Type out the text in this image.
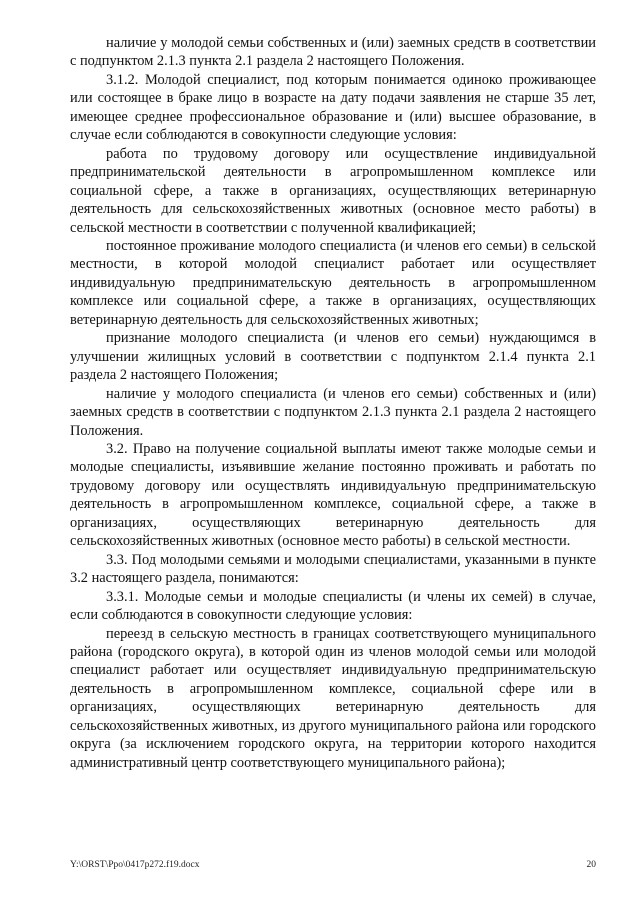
наличие у молодой семьи собственных и (или) заемных средств в соответствии с подпунктом 2.1.3 пункта 2.1 раздела 2 настоящего Положения.

3.1.2. Молодой специалист, под которым понимается одиноко проживающее или состоящее в браке лицо в возрасте на дату подачи заявления не старше 35 лет, имеющее среднее профессиональное образование и (или) высшее образование, в случае если соблюдаются в совокупности следующие условия:

работа по трудовому договору или осуществление индивидуальной предпринимательской деятельности в агропромышленном комплексе или социальной сфере, а также в организациях, осуществляющих ветеринарную деятельность для сельскохозяйственных животных (основное место работы) в сельской местности в соответствии с полученной квалификацией;

постоянное проживание молодого специалиста (и членов его семьи) в сельской местности, в которой молодой специалист работает или осуществляет индивидуальную предпринимательскую деятельность в агропромышленном комплексе или социальной сфере, а также в организациях, осуществляющих ветеринарную деятельность для сельскохозяйственных животных;

признание молодого специалиста (и членов его семьи) нуждающимся в улучшении жилищных условий в соответствии с подпунктом 2.1.4 пункта 2.1 раздела 2 настоящего Положения;

наличие у молодого специалиста (и членов его семьи) собственных и (или) заемных средств в соответствии с подпунктом 2.1.3 пункта 2.1 раздела 2 настоящего Положения.

3.2. Право на получение социальной выплаты имеют также молодые семьи и молодые специалисты, изъявившие желание постоянно проживать и работать по трудовому договору или осуществлять индивидуальную предпринимательскую деятельность в агропромышленном комплексе, социальной сфере, а также в организациях, осуществляющих ветеринарную деятельность для сельскохозяйственных животных (основное место работы) в сельской местности.

3.3. Под молодыми семьями и молодыми специалистами, указанными в пункте 3.2 настоящего раздела, понимаются:

3.3.1. Молодые семьи и молодые специалисты (и члены их семей) в случае, если соблюдаются в совокупности следующие условия:

переезд в сельскую местность в границах соответствующего муниципального района (городского округа), в которой один из членов молодой семьи или молодой специалист работает или осуществляет индивидуальную предпринимательскую деятельность в агропромышленном комплексе, социальной сфере или в организациях, осуществляющих ветеринарную деятельность для сельскохозяйственных животных, из другого муниципального района или городского округа (за исключением городского округа, на территории которого находится административный центр соответствующего муниципального района);

Y:\ORST\Ppo\0417p272.f19.docx	20
